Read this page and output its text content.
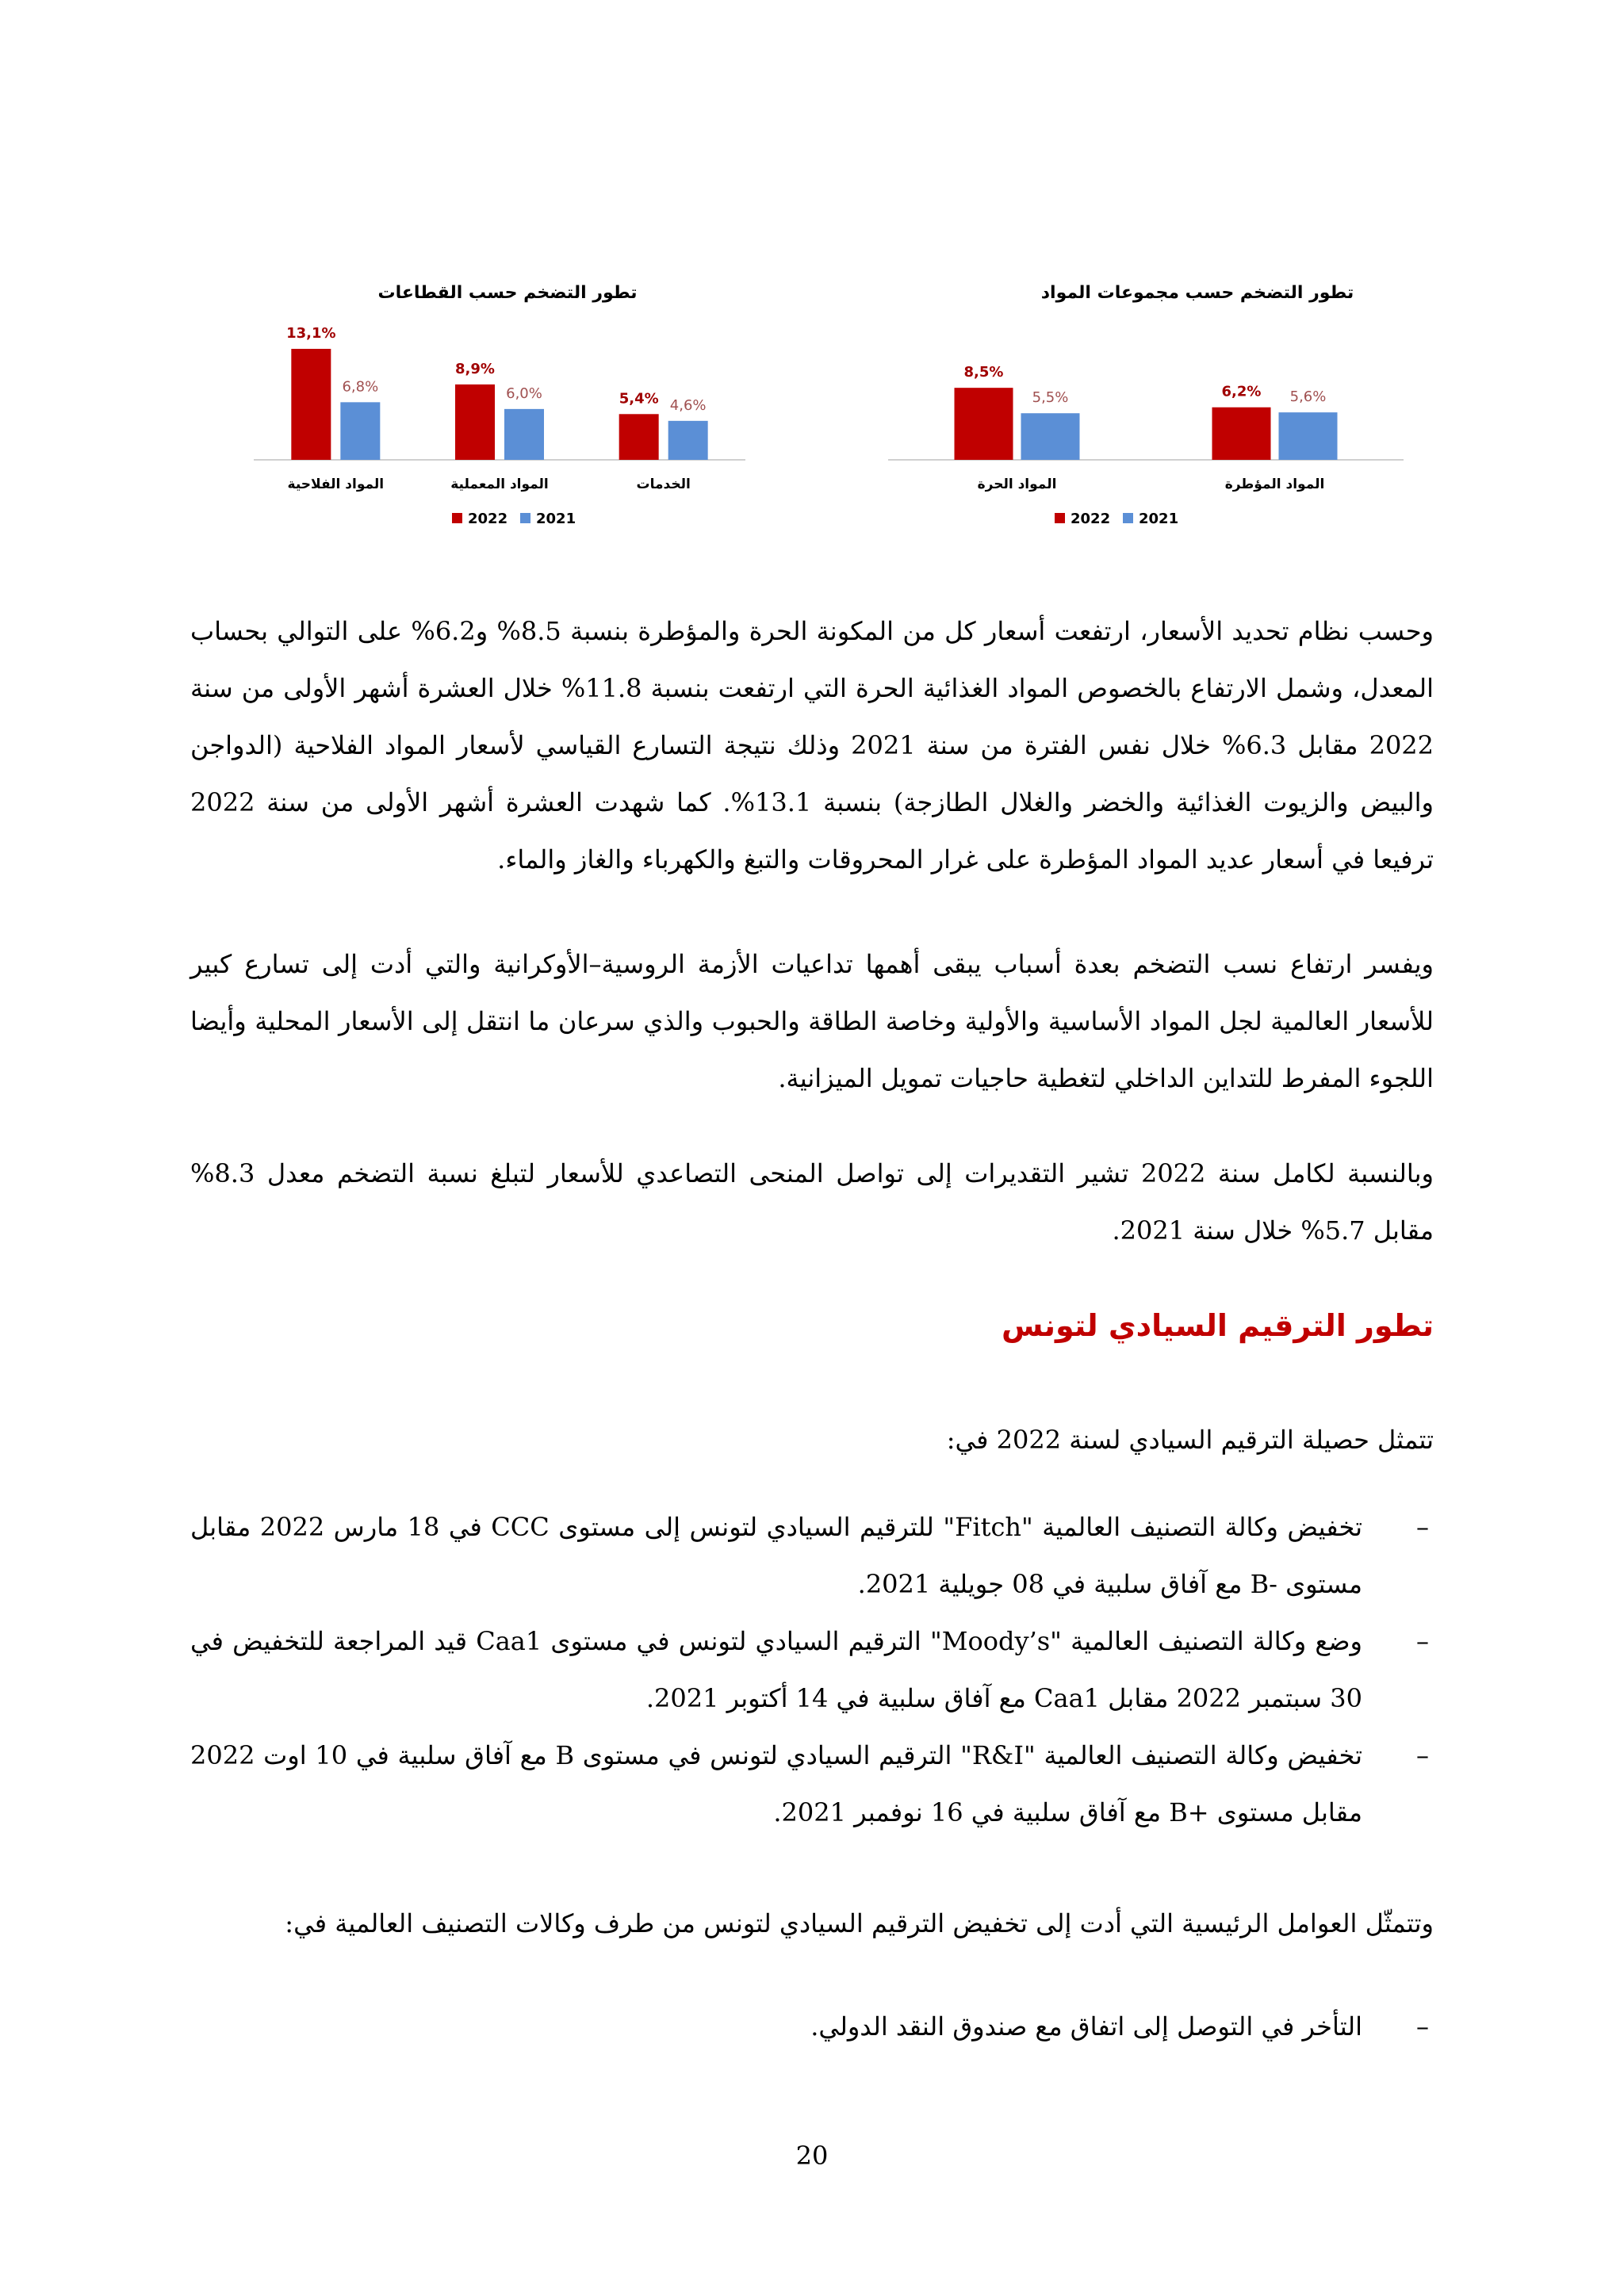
تطور التضخم حسب مجموعات المواد
6,2% 5,6%
المواد المؤطرة
8,5%
5,5%
المواد الحرة
2022 2021
تطور التضخم حسب القطاعات
5,4% 4,6%
الخدمات
8,9%
6,0%
المواد المعملية
13,1%
6,8%
المواد الفلاحية
2022 2021

وحسب نظام تحديد الأسعار، ارتفعت أسعار كل من المكونة الحرة والمؤطرة بنسبة 8.5% و6.2% على التوالي بحساب المعدل، وشمل الارتفاع بالخصوص المواد الغذائية الحرة التي ارتفعت بنسبة 11.8% خلال العشرة أشهر الأولى من سنة 2022 مقابل 6.3% خلال نفس الفترة من سنة 2021 وذلك نتيجة التسارع القياسي لأسعار المواد الفلاحية (الدواجن والبيض والزيوت الغذائية والخضر والغلال الطازجة) بنسبة 13.1%. كما شهدت العشرة أشهر الأولى من سنة 2022 ترفيعا في أسعار عديد المواد المؤطرة على غرار المحروقات والتبغ والكهرباء والغاز والماء.

ويفسر ارتفاع نسب التضخم بعدة أسباب يبقى أهمها تداعيات الأزمة الروسية–الأوكرانية والتي أدت إلى تسارع كبير للأسعار العالمية لجل المواد الأساسية والأولية وخاصة الطاقة والحبوب والذي سرعان ما انتقل إلى الأسعار المحلية وأيضا اللجوء المفرط للتداين الداخلي لتغطية حاجيات تمويل الميزانية.

وبالنسبة لكامل سنة 2022 تشير التقديرات إلى تواصل المنحى التصاعدي للأسعار لتبلغ نسبة التضخم معدل 8.3% مقابل 5.7% خلال سنة 2021.

تطور الترقيم السيادي لتونس

تتمثل حصيلة الترقيم السيادي لسنة 2022 في:

–
تخفيض وكالة التصنيف العالمية "Fitch" للترقيم السيادي لتونس إلى مستوى CCC في 18 مارس 2022 مقابل مستوى -B مع آفاق سلبية في 08 جويلية 2021.
–
وضع وكالة التصنيف العالمية "Moody’s" الترقيم السيادي لتونس في مستوى Caa1 قيد المراجعة للتخفيض في 30 سبتمبر 2022 مقابل Caa1 مع آفاق سلبية في 14 أكتوبر 2021.
–
تخفيض وكالة التصنيف العالمية "R&I" الترقيم السيادي لتونس في مستوى B مع آفاق سلبية في 10 اوت 2022 مقابل مستوى +B مع آفاق سلبية في 16 نوفمبر 2021.

وتتمثّل العوامل الرئيسية التي أدت إلى تخفيض الترقيم السيادي لتونس من طرف وكالات التصنيف العالمية في:

–
التأخر في التوصل إلى اتفاق مع صندوق النقد الدولي.
20
